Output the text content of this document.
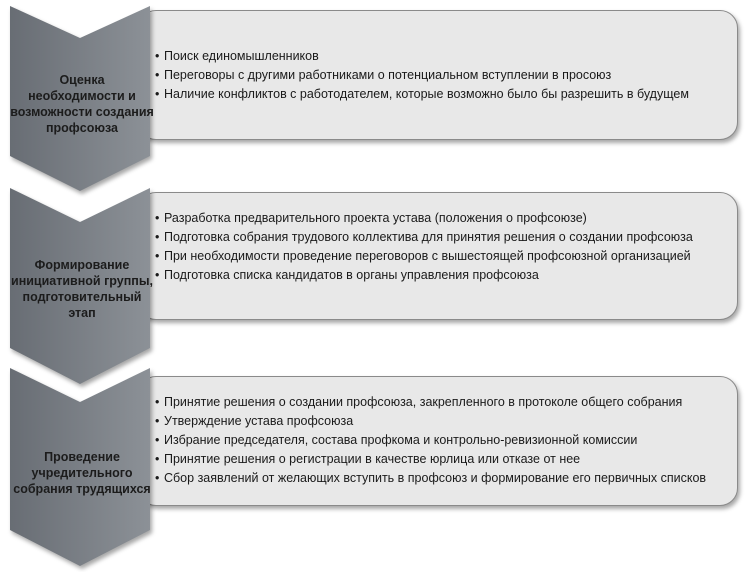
• Поиск единомышленников
• Переговоры с другими работниками о потенциальном вступлении в просоюз
• Наличие конфликтов с работодателем, которые возможно было бы разрешить в будущем
Оценка необходимости и возможности создания профсоюза
• Разработка предварительного проекта устава (положения о профсоюзе)
• Подготовка собрания трудового коллектива для принятия решения о создании профсоюза
• При необходимости проведение переговоров с вышестоящей профсоюзной организацией
• Подготовка списка кандидатов в органы управления профсоюза
Формирование инициативной группы, подготовительный этап
• Принятие решения о создании профсоюза, закрепленного в протоколе общего собрания
• Утверждение устава профсоюза
• Избрание председателя, состава профкома и контрольно-ревизионной комиссии
• Принятие решения о регистрации в качестве юрлица или отказе от нее
• Сбор заявлений от желающих вступить в профсоюз и формирование его первичных списков
Проведение учредительного собрания трудящихся
